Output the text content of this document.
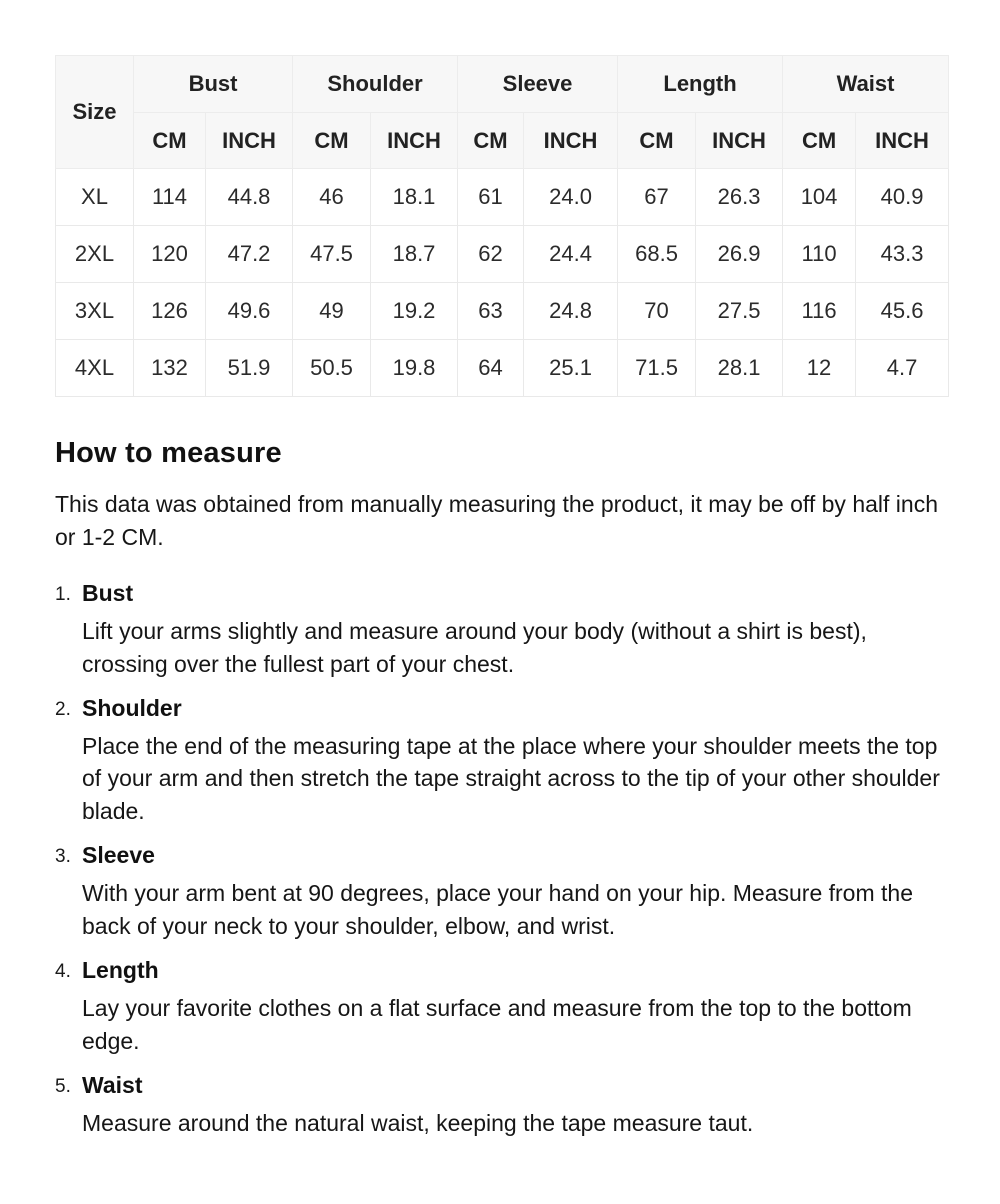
Size	Bust		Shoulder		Sleeve		Length		Waist	
	CM	INCH	CM	INCH	CM	INCH	CM	INCH	CM	INCH
XL	114	44.8	46	18.1	61	24.0	67	26.3	104	40.9
2XL	120	47.2	47.5	18.7	62	24.4	68.5	26.9	110	43.3
3XL	126	49.6	49	19.2	63	24.8	70	27.5	116	45.6
4XL	132	51.9	50.5	19.8	64	25.1	71.5	28.1	12	4.7
How to measure

This data was obtained from manually measuring the product, it may be off by half inch or 1-2 CM.

1. Bust
Lift your arms slightly and measure around your body (without a shirt is best), crossing over the fullest part of your chest.
2. Shoulder
Place the end of the measuring tape at the place where your shoulder meets the top of your arm and then stretch the tape straight across to the tip of your other shoulder blade.
3. Sleeve
With your arm bent at 90 degrees, place your hand on your hip. Measure from the back of your neck to your shoulder, elbow, and wrist.
4. Length
Lay your favorite clothes on a flat surface and measure from the top to the bottom edge.
5. Waist
Measure around the natural waist, keeping the tape measure taut.
